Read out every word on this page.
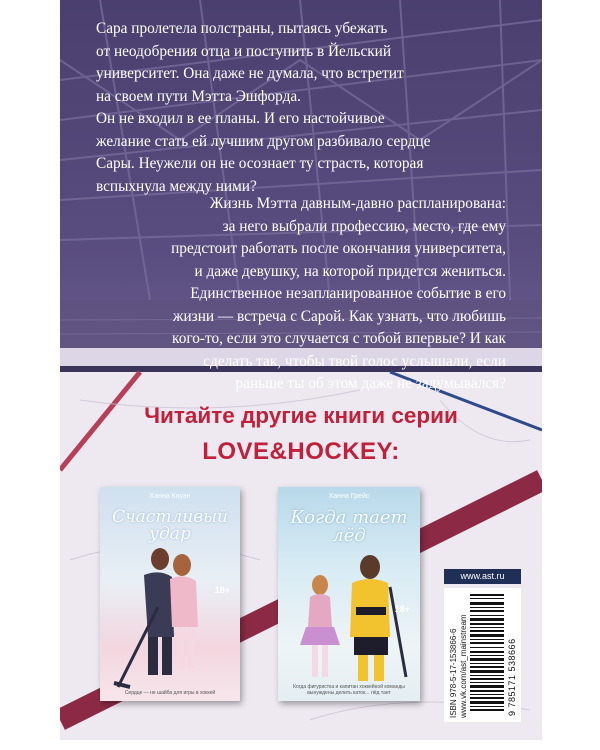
Сара пролетела полстраны, пытаясь убежать
от неодобрения отца и поступить в Йельский
университет. Она даже не думала, что встретит
на своем пути Мэтта Эшфорда.
Он не входил в ее планы. И его настойчивое
желание стать ей лучшим другом разбивало сердце
Сары. Неужели он не осознает ту страсть, которая
вспыхнула между ними?
Жизнь Мэтта давным-давно распланирована:
за него выбрали профессию, место, где ему
предстоит работать после окончания университета,
и даже девушку, на которой придется жениться.
Единственное незапланированное событие в его
жизни — встреча с Сарой. Как узнать, что любишь
кого-то, если это случается с тобой впервые? И как
сделать так, чтобы твой голос услышали, если
раньше ты об этом даже не задумывался?
Читайте другие книги серии
LOVE&HOCKEY:
Ханна Коуэн
Счастливый удар
18+
Сердце — не шайба для игры в хоккей
Ханна Грейс
Когда тает лёд
18+
Когда фигуристка и капитан хоккейной команды вынуждены делить каток... лёд тает
www.ast.ru
ISBN 978-5-17-153866-6 www.vk.com/ast_mainstream	9 785171 538666
